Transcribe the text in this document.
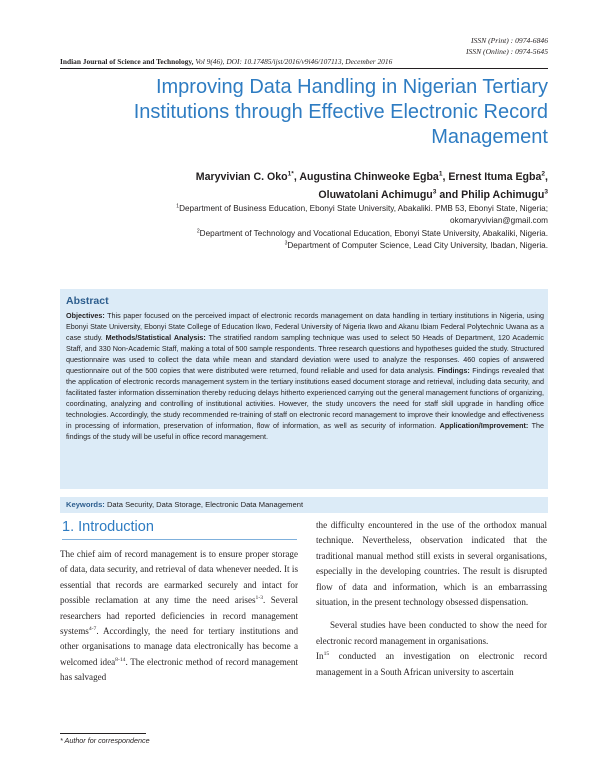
ISSN (Print) : 0974-6846
ISSN (Online) : 0974-5645
Indian Journal of Science and Technology, Vol 9(46), DOI: 10.17485/ijst/2016/v9i46/107113, December 2016
Improving Data Handling in Nigerian Tertiary Institutions through Effective Electronic Record Management
Maryvivian C. Oko$^{1*}$, Augustina Chinweoke Egba$^1$, Ernest Ituma Egba$^2$,
Oluwatolani Achimugu$^3$ and Philip Achimugu$^3$
$^1$Department of Business Education, Ebonyi State University, Abakaliki. PMB 53, Ebonyi State, Nigeria;
okomaryvivian@gmail.com
$^2$Department of Technology and Vocational Education, Ebonyi State University, Abakaliki, Nigeria.
$^3$Department of Computer Science, Lead City University, Ibadan, Nigeria.
Abstract
Objectives: This paper focused on the perceived impact of electronic records management on data handling in tertiary institutions in Nigeria, using Ebonyi State University, Ebonyi State College of Education Ikwo, Federal University of Nigeria Ikwo and Akanu Ibiam Federal Polytechnic Uwana as a case study. Methods/Statistical Analysis: The stratified random sampling technique was used to select 50 Heads of Department, 120 Academic Staff, and 330 Non-Academic Staff, making a total of 500 sample respondents. Three research questions and hypotheses guided the study. Structured questionnaire was used to collect the data while mean and standard deviation were used to analyze the responses. 460 copies of answered questionnaire out of the 500 copies that were distributed were returned, found reliable and used for data analysis. Findings: Findings revealed that the application of electronic records management system in the tertiary institutions eased document storage and retrieval, including data security, and facilitated faster information dissemination thereby reducing delays hitherto experienced carrying out the general management functions of organizing, coordinating, analyzing and controlling of institutional activities. However, the study uncovers the need for staff skill upgrade in handling office technologies. Accordingly, the study recommended re-training of staff on electronic record management to improve their knowledge and effectiveness in processing of information, preservation of information, flow of information, as well as security of information. Application/Improvement: The findings of the study will be useful in office record management.
Keywords: Data Security, Data Storage, Electronic Data Management
1. Introduction

The chief aim of record management is to ensure proper storage of data, data security, and retrieval of data whenever needed. It is essential that records are earmarked securely and intact for possible reclamation at any time the need arises$^{1-3}$. Several researchers had reported deficiencies in record management systems$^{4-7}$. Accordingly, the need for tertiary institutions and other organisations to manage data electronically has become a welcomed idea$^{8-14}$. The electronic method of record management has salvaged

the difficulty encountered in the use of the orthodox manual technique. Nevertheless, observation indicated that the traditional manual method still exists in several organisations, especially in the developing countries. The result is disrupted flow of data and information, which is an embarrassing situation, in the present technology obsessed dispensation.

Several studies have been conducted to show the need for electronic record management in organisations.

In$^{15}$ conducted an investigation on electronic record management in a South African university to ascertain

* Author for correspondence
